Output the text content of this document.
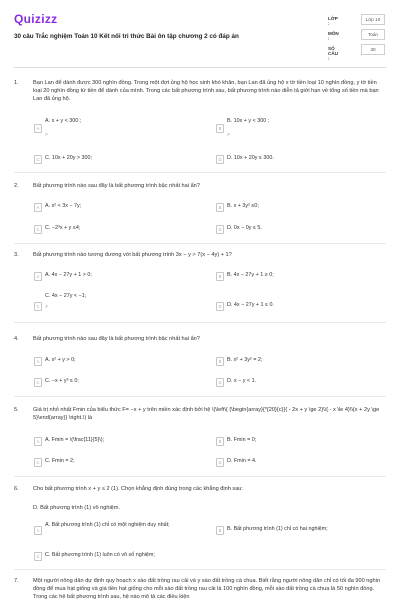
Quizizz
30 câu Trắc nghiệm Toán 10 Kết nối tri thức Bài ôn tập chương 2 có đáp án
LỚP :
Lớp 10
MÔN :
Toán
SỐ CÂU :
30
1.	Bạn Lan để dành được 300 nghìn đồng. Trong một đợt ủng hộ học sinh khó khăn, bạn Lan đã ủng hộ x tờ tiền loại 10 nghìn đồng, y tờ tiền loại 20 nghìn đồng từ tiền để dành của mình. Trong các bất phương trình sau, bất phương trình nào diễn tả giới hạn về tổng số tiền mà bạn Lan đã ủng hộ.
A
A. x + y < 300 ;
>
B
B. 10x + y < 300 ;
>
C	C. 10x + 20y > 300;	D	D. 10x + 20y ≤ 300.
2.	Bất phương trình nào sau đây là bất phương trình bậc nhất hai ẩn?
A	A. x² < 3x − 7y;	B	B. x + 3y² ≤0;
C	C. −2³x + y ≤4;	D	D. 0x − 0y ≤ 5.
3.	Bất phương trình nào tương đương với bất phương trình 3x − y > 7(x − 4y) + 1?
A	A. 4x − 27y + 1 > 0;	B	B. 4x − 27y + 1 ≥ 0;
C
C. 4x − 27y < −1;
>	D	D. 4x − 27y + 1 ≤ 0.
4.	Bất phương trình nào sau đây là bất phương trình bậc nhất hai ẩn?
A	A. x² + y > 0;	B	B. x² + 3y² = 2;
C	C. −x + y³ ≤ 0;	D	D. x − y < 1.
5.	Giá trị nhỏ nhất Fmin của biểu thức F= −x + y trên miền xác định bởi hệ \(\left\{ {\begin{array}{*{20}{c}}{ - 2x + y \ge 2}\\{ - x \le 4}\\{x + 2y \ge 5}\end{array}} \right.\) là
A	A. Fmin = \(\frac{11}{5}\);	B	B. Fmin = 0;
C	C. Fmin = 2;	D	D. Fmin = 4.
6.	Cho bất phương trình x + y ≤ 2 (1). Chọn khẳng định đúng trong các khẳng định sau:
D. Bất phương trình (1) vô nghiệm.
A
A. Bất phương trình (1) chỉ có một nghiệm duy nhất;
B	B. Bất phương trình (1) chỉ có hai nghiệm;
C	C. Bất phương trình (1) luôn có vô số nghiệm;
7.	Một người nông dân dự định quy hoạch x sào đất trồng rau cải và y sào đất trồng cà chua. Biết rằng người nông dân chỉ có tối đa 900 nghìn đồng để mua hạt giống và giá tiền hạt giống cho mỗi sào đất trồng rau cải là 100 nghìn đồng, mỗi sào đất trồng cà chua là 50 nghìn đồng. Trong các hệ bất phương trình sau, hệ nào mô tả các điều kiện
